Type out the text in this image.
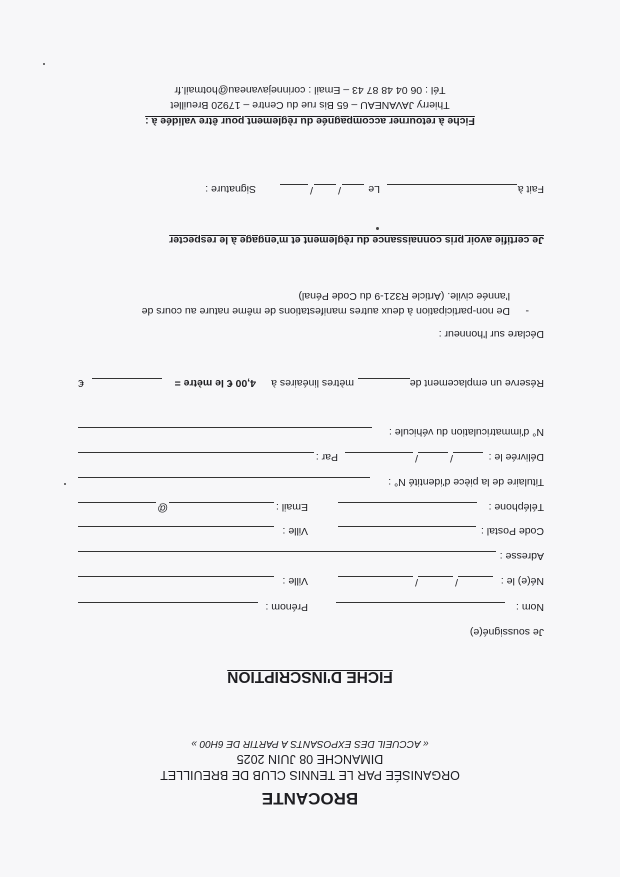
BROCANTE
ORGANISÉE PAR LE TENNIS CLUB DE BREUILLET
DIMANCHE 08 JUIN 2025
« ACCUEIL DES EXPOSANTS A PARTIR DE 6H00 »
FICHE D'INSCRIPTION
Je soussigné(e)
Nom :
Prénom :
Né(e) le :
/
/
Ville :
Adresse :
Code Postal :
Ville :
Téléphone :
Email :
@
Titulaire de la pièce d'identité N° :
Délivrée le :
/
/
Par :
N° d'immatriculation du véhicule :
Réserve un emplacement de
mètres linéaires à
4,00 € le mètre =
€
Déclare sur l'honneur :
-
De non-participation à deux autres manifestations de même nature au cours de
l'année civile. (Article R321-9 du Code Pénal)
Je certifie avoir pris connaissance du règlement et m'engage à le respecter
Fait à
Le
/
/
Signature :
Fiche à retourner accompagnée du règlement pour être validée à :
Thierry JAVANEAU – 65 Bis rue du Centre – 17920 Breuillet
Tél : 06 04 48 87 43 – Email : corinnejavaneau@hotmail.fr
